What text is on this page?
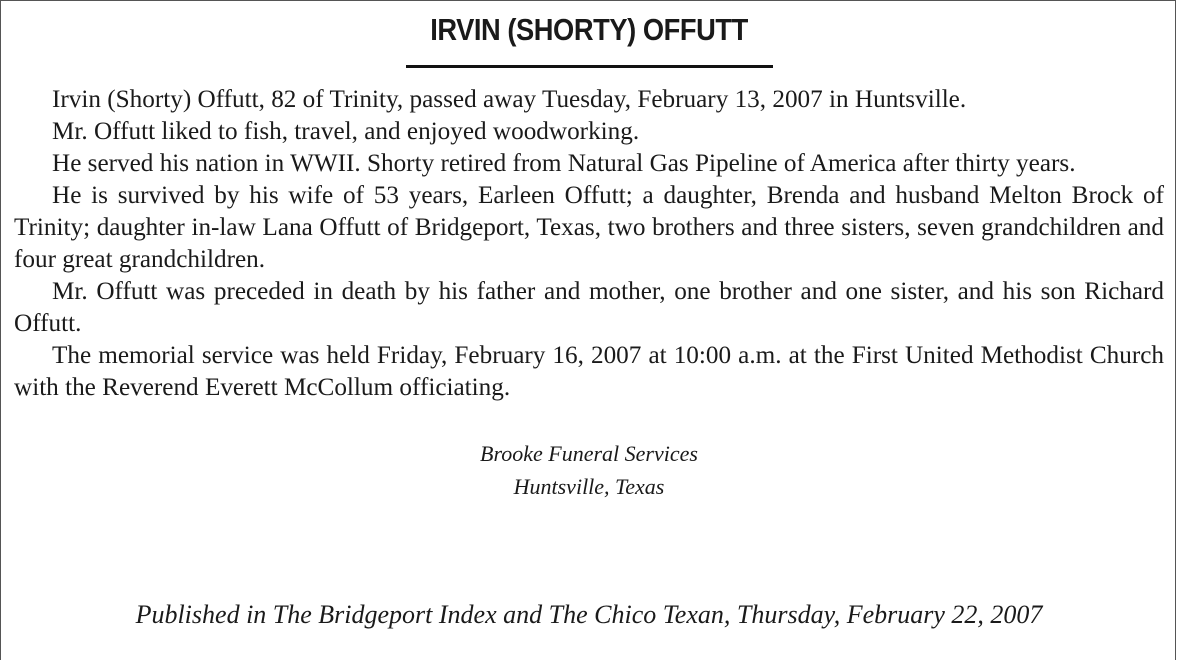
IRVIN (SHORTY) OFFUTT

Irvin (Shorty) Offutt, 82 of Trinity, passed away Tuesday, February 13, 2007 in Huntsville.

Mr. Offutt liked to fish, travel, and enjoyed woodworking.

He served his nation in WWII. Shorty retired from Natural Gas Pipeline of America after thirty years.

He is survived by his wife of 53 years, Earleen Offutt; a daughter, Brenda and husband Melton Brock of Trinity; daughter in-law Lana Offutt of Bridgeport, Texas, two brothers and three sisters, seven grandchildren and four great grandchildren.

Mr. Offutt was preceded in death by his father and mother, one brother and one sister, and his son Richard Offutt.

The memorial service was held Friday, February 16, 2007 at 10:00 a.m. at the First United Methodist Church with the Reverend Everett McCollum officiating.

Brooke Funeral Services
Huntsville, Texas
Published in The Bridgeport Index and The Chico Texan, Thursday, February 22, 2007
